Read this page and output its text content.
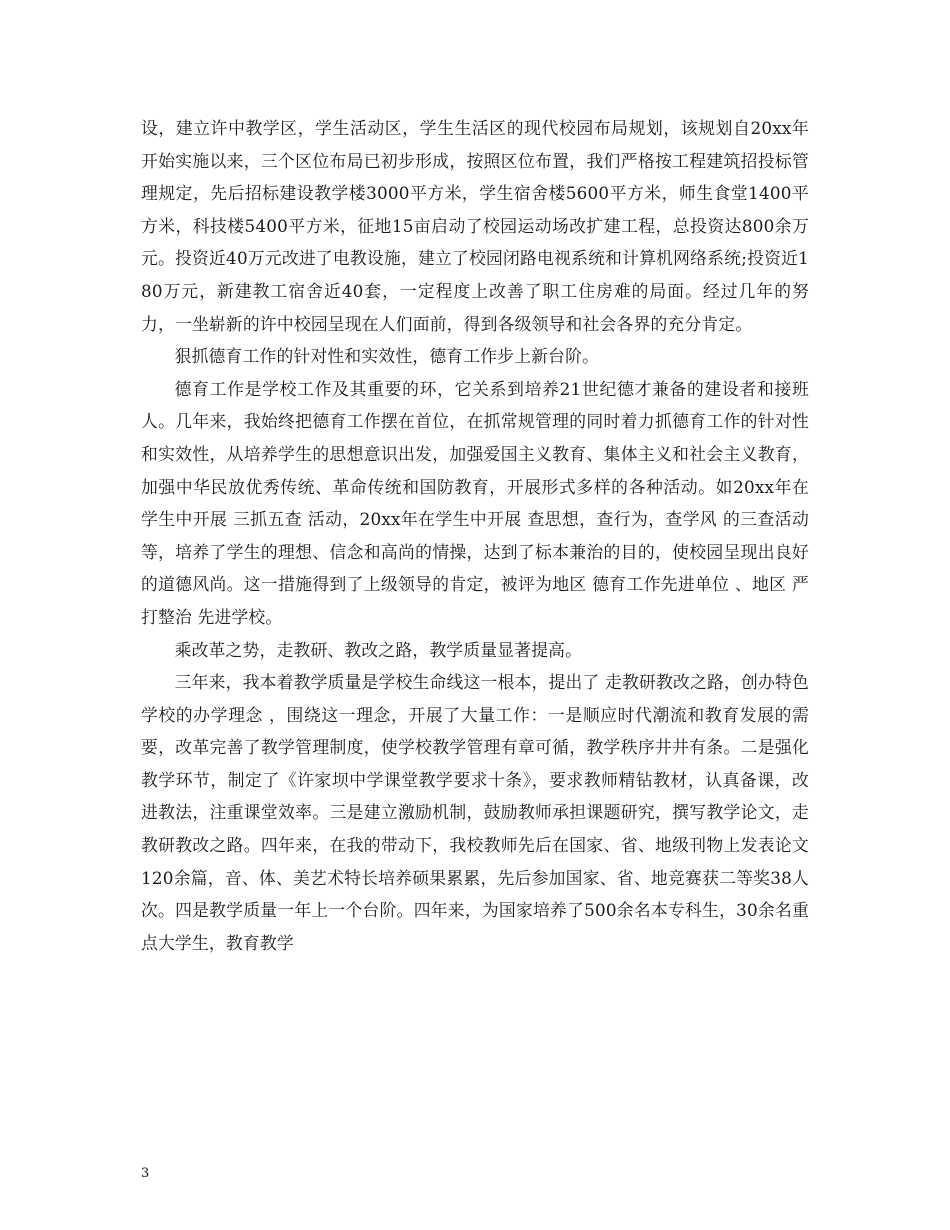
设，建立许中教学区，学生活动区，学生生活区的现代校园布局规划，该规划自20xx年开始实施以来，三个区位布局已初步形成，按照区位布置，我们严格按工程建筑招投标管理规定，先后招标建设教学楼3000平方米，学生宿舍楼5600平方米，师生食堂1400平方米，科技楼5400平方米，征地15亩启动了校园运动场改扩建工程，总投资达800余万元。投资近40万元改进了电教设施，建立了校园闭路电视系统和计算机网络系统;投资近180万元，新建教工宿舍近40套，一定程度上改善了职工住房难的局面。经过几年的努力，一坐崭新的许中校园呈现在人们面前，得到各级领导和社会各界的充分肯定。

狠抓德育工作的针对性和实效性，德育工作步上新台阶。

德育工作是学校工作及其重要的环，它关系到培养21世纪德才兼备的建设者和接班人。几年来，我始终把德育工作摆在首位，在抓常规管理的同时着力抓德育工作的针对性和实效性，从培养学生的思想意识出发，加强爱国主义教育、集体主义和社会主义教育，加强中华民放优秀传统、革命传统和国防教育，开展形式多样的各种活动。如20xx年在学生中开展 三抓五查 活动，20xx年在学生中开展 查思想，查行为，查学风 的三查活动等，培养了学生的理想、信念和高尚的情操，达到了标本兼治的目的，使校园呈现出良好的道德风尚。这一措施得到了上级领导的肯定，被评为地区 德育工作先进单位 、地区 严打整治 先进学校。

乘改革之势，走教研、教改之路，教学质量显著提高。

三年来，我本着教学质量是学校生命线这一根本，提出了 走教研教改之路，创办特色学校的办学理念 ，围绕这一理念，开展了大量工作：一是顺应时代潮流和教育发展的需要，改革完善了教学管理制度，使学校教学管理有章可循，教学秩序井井有条。二是强化教学环节，制定了《许家坝中学课堂教学要求十条》，要求教师精钻教材，认真备课，改进教法，注重课堂效率。三是建立激励机制，鼓励教师承担课题研究，撰写教学论文，走教研教改之路。四年来，在我的带动下，我校教师先后在国家、省、地级刊物上发表论文120余篇，音、体、美艺术特长培养硕果累累，先后参加国家、省、地竞赛获二等奖38人次。四是教学质量一年上一个台阶。四年来，为国家培养了500余名本专科生，30余名重点大学生，教育教学

3
